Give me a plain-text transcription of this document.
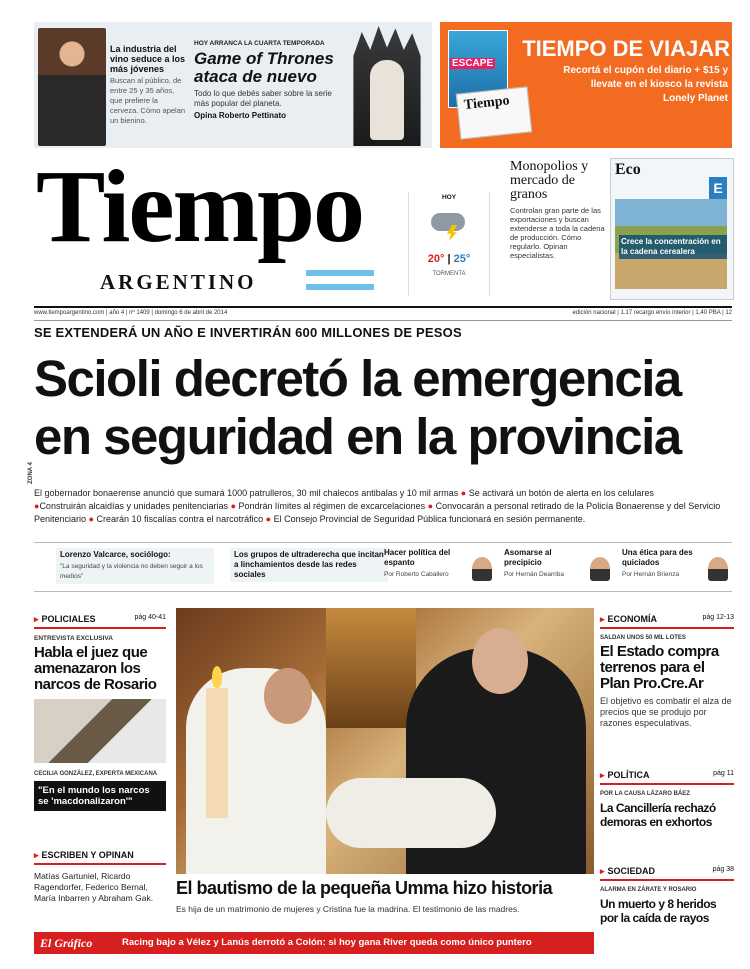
La industria del vino seduce a los más jóvenes
Buscan al público, de entre 25 y 35 años, que prefiere la cerveza. Cómo apelan un bienino.
HOY ARRANCA LA CUARTA TEMPORADA
Game of Thrones ataca de nuevo
Todo lo que debés saber sobre la serie más popular del planeta.
Opina Roberto Pettinato
ESCAPE
Tiempo
TIEMPO DE VIAJAR
Recortá el cupón del diario + $15 y llevate en el kiosco la revista Lonely Planet
Tiempo
ARGENTINO
HOY
20° | 25°
TORMENTA
Monopolios y mercado de granos
Controlan gran parte de las exportaciones y buscan extenderse a toda la cadena de producción. Cómo regularlo. Opinan especialistas.
Eco
E
Crece la concentración en la cadena cerealera
www.tiempoargentino.com | año 4 | nº 1409 | domingo 6 de abril de 2014	edición nacional | 1.17 recargo envío interior | 1,40 PBA | 12
SE EXTENDERÁ UN AÑO E INVERTIRÁN 600 MILLONES DE PESOS
Scioli decretó la emergencia en seguridad en la provincia
ZONA 4
El gobernador bonaerense anunció que sumará 1000 patrulleros, 30 mil chalecos antibalas y 10 mil armas ● Se activará un botón de alerta en los celulares
●Construirán alcaidías y unidades penitenciarias ● Pondrán límites al régimen de excarcelaciones ● Convocarán a personal retirado de la Policía Bonaerense y del Servicio Penitenciario ● Crearán 10 fiscalías contra el narcotráfico ● El Consejo Provincial de Seguridad Pública funcionará en sesión permanente.
Lorenzo Valcarce, sociólogo:
"La seguridad y la violencia no deben seguir a los medios"
Los grupos de ultraderecha que incitan a linchamientos desde las redes sociales
Hacer política del espanto
Por Roberto Caballero
Asomarse al precipicio
Por Hernán Dearriba
Una ética para des quiciados
Por Hernán Brienza
▸ POLICIALES	pág 40-41
ENTREVISTA EXCLUSIVA
Habla el juez que amenazaron los narcos de Rosario
CECILIA GONZÁLEZ, EXPERTA MEXICANA
"En el mundo los narcos se 'macdonalizaron'"
▸ ESCRIBEN Y OPINAN
Matías Gartuniel, Ricardo Ragendorfer, Federico Bernal, María Inbarren y Abraham Gak.	El bautismo de la pequeña Umma hizo historia
Es hija de un matrimonio de mujeres y Cristina fue la madrina. El testimonio de las madres.
▸ ECONOMÍA	pág 12-13
SALDAN UNOS 50 MIL LOTES
El Estado compra terrenos para el Plan Pro.Cre.Ar
El objetivo es combatir el alza de precios que se produjo por razones especulativas.
▸ POLÍTICA	pág 11
POR LA CAUSA LÁZARO BÁEZ
La Cancillería rechazó demoras en exhortos
▸ SOCIEDAD	pág 38
ALARMA EN ZÁRATE Y ROSARIO
Un muerto y 8 heridos por la caída de rayos
El Gráfico	Racing bajo a Vélez y Lanús derrotó a Colón: si hoy gana River queda como único puntero
